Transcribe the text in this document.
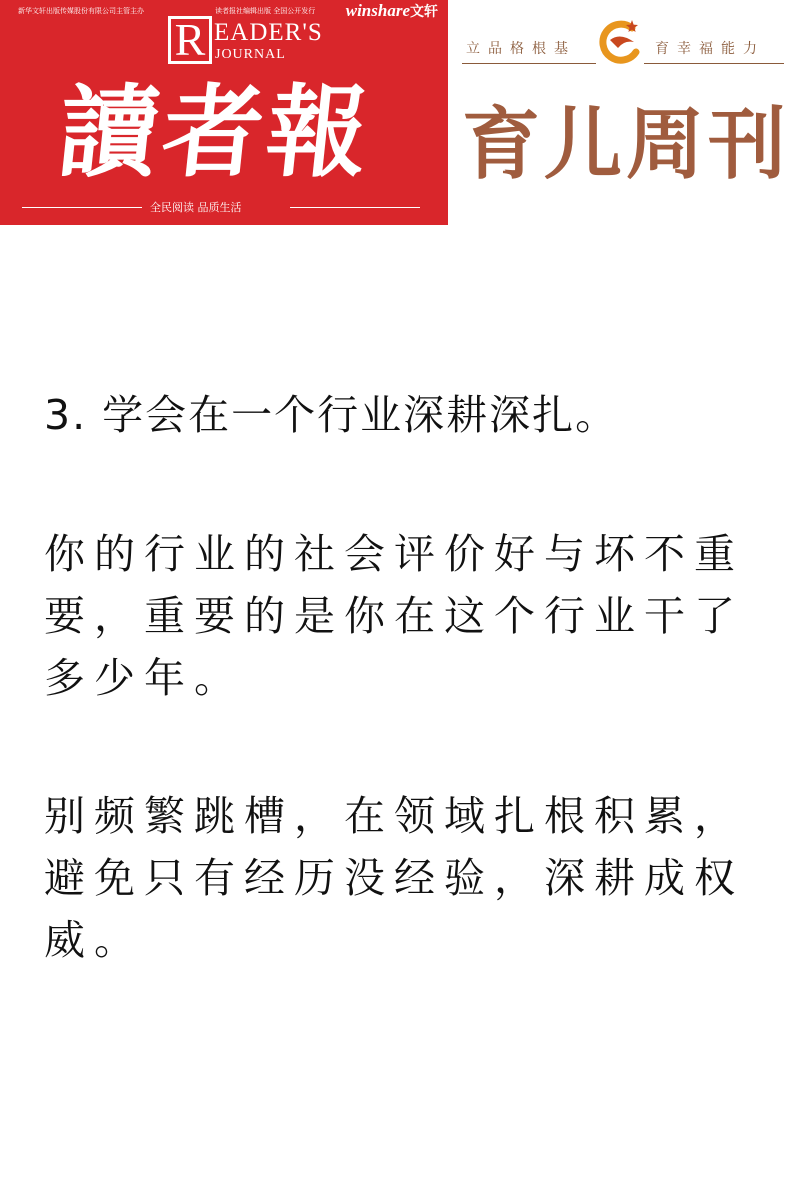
新华文轩出版传媒股份有限公司主管主办	读者报社编辑出版 全国公开发行 winshare文轩
R EADER'S
JOURNAL
讀者報
全民阅读 品质生活
立品格根基	育幸福能力
育儿周刊
3. 学会在一个行业深耕深扎。

你的行业的社会评价好与坏不重要，重要的是你在这个行业干了多少年。

别频繁跳槽，在领域扎根积累，避免只有经历没经验，深耕成权威。
